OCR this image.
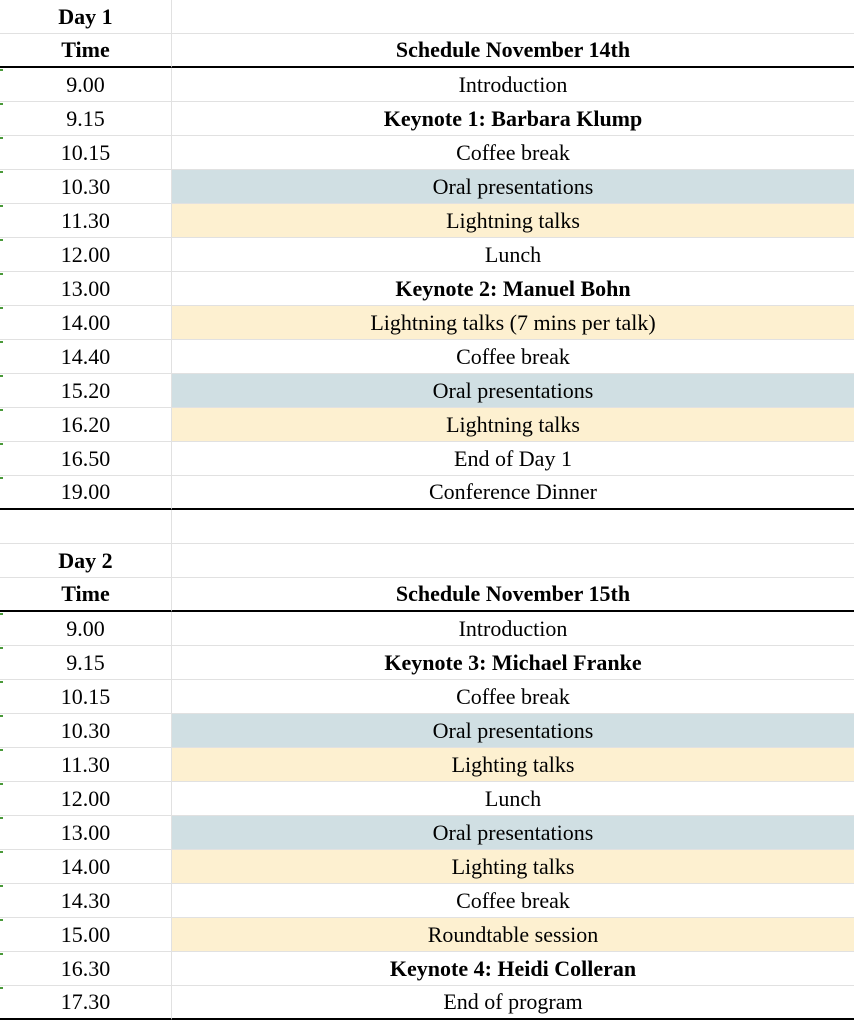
Day 1
Time	Schedule November 14th
9.00	Introduction
9.15	Keynote 1: Barbara Klump
10.15	Coffee break
10.30	Oral presentations
11.30	Lightning talks
12.00	Lunch
13.00	Keynote 2: Manuel Bohn
14.00	Lightning talks (7 mins per talk)
14.40	Coffee break
15.20	Oral presentations
16.20	Lightning talks
16.50	End of Day 1
19.00	Conference Dinner
Day 2
Time	Schedule November 15th
9.00	Introduction
9.15	Keynote 3: Michael Franke
10.15	Coffee break
10.30	Oral presentations
11.30	Lighting talks
12.00	Lunch
13.00	Oral presentations
14.00	Lighting talks
14.30	Coffee break
15.00	Roundtable session
16.30	Keynote 4: Heidi Colleran
17.30	End of program
